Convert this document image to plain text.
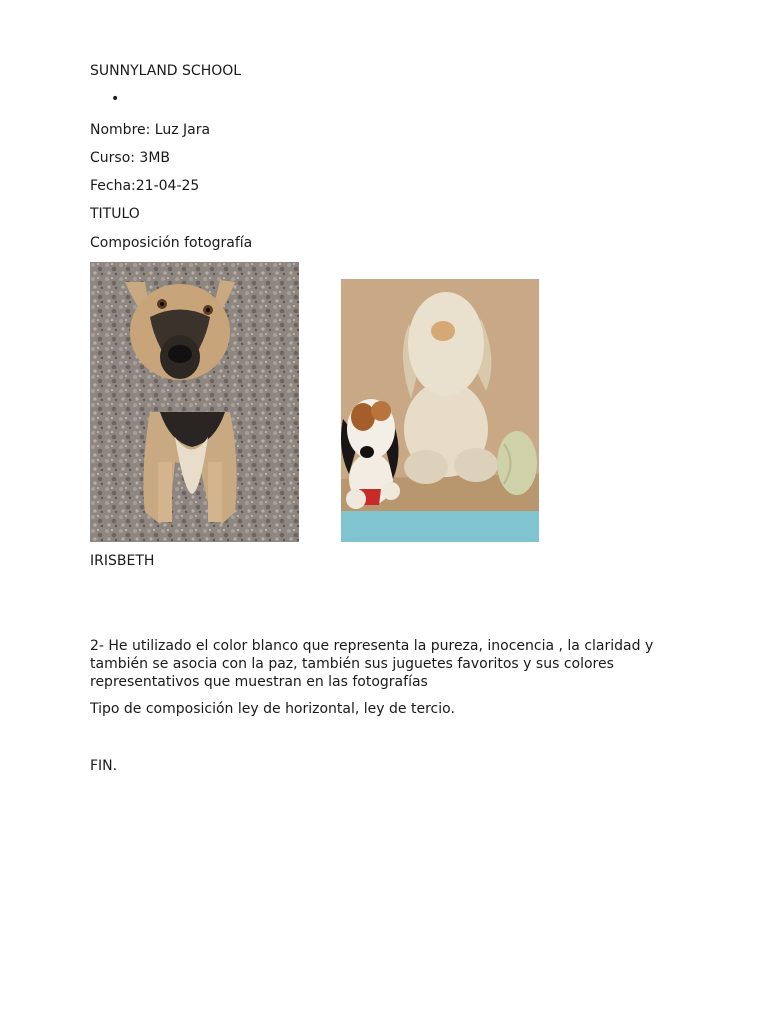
SUNNYLAND SCHOOL
•
Nombre: Luz Jara
Curso: 3MB
Fecha:21-04-25
TITULO
Composición fotografía
IRISBETH
2- He utilizado el color blanco que representa la pureza, inocencia , la claridad y también se asocia con la paz, también sus juguetes favoritos y sus colores representativos que muestran en las fotografías
Tipo de composición ley de horizontal, ley de tercio.
FIN.
